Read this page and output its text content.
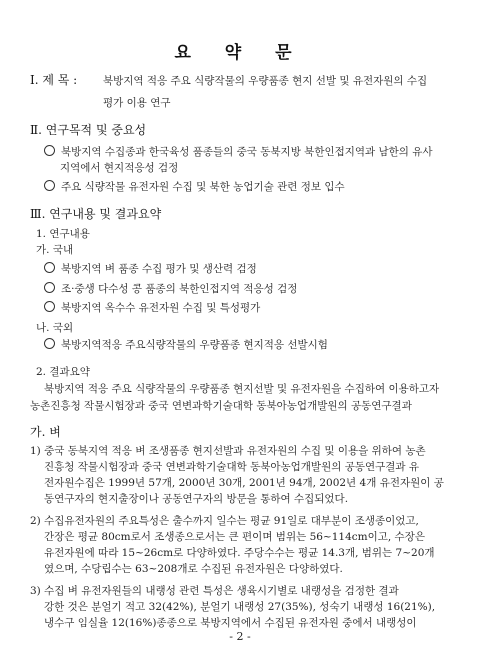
요 약 문
Ⅰ. 제 목 : 북방지역 적응 주요 식량작물의 우량품종 현지 선발 및 유전자원의 수집
평가 이용 연구
Ⅱ. 연구목적 및 중요성
북방지역 수집종과 한국육성 품종들의 중국 동북지방 북한인접지역과 남한의 유사
지역에서 현지적응성 검정
주요 식량작물 유전자원 수집 및 북한 농업기술 관련 정보 입수
Ⅲ. 연구내용 및 결과요약
1. 연구내용
가. 국내
북방지역 벼 품종 수집 평가 및 생산력 검정
조·중생 다수성 콩 품종의 북한인접지역 적응성 검정
북방지역 옥수수 유전자원 수집 및 특성평가
나. 국외
북방지역적응 주요식량작물의 우량품종 현지적응 선발시험
2. 결과요약
북방지역 적응 주요 식량작물의 우량품종 현지선발 및 유전자원을 수집하여 이용하고자
농촌진흥청 작물시험장과 중국 연변과학기술대학 동북아농업개발원의 공동연구결과
가. 벼
1) 중국 동북지역 적응 벼 조생품종 현지선발과 유전자원의 수집 및 이용을 위하여 농촌
진흥청 작물시험장과 중국 연변과학기술대학 동북아농업개발원의 공동연구결과 유
전자원수집은 1999년 57개, 2000년 30개, 2001년 94개, 2002년 4개 유전자원이 공
동연구자의 현지출장이나 공동연구자의 방문을 통하여 수집되었다.
2) 수집유전자원의 주요특성은 출수까지 일수는 평균 91일로 대부분이 조생종이었고,
간장은 평균 80cm로서 조생종으로서는 큰 편이며 범위는 56~114cm이고, 수장은
유전자원에 따라 15~26cm로 다양하였다. 주당수수는 평균 14.3개, 범위는 7~20개
였으며, 수당립수는 63~208개로 수집된 유전자원은 다양하였다.
3) 수집 벼 유전자원들의 내랭성 관련 특성은 생육시기별로 내랭성을 검정한 결과
강한 것은 분얼기 적고 32(42%), 분얼기 내랭성 27(35%), 성숙기 내랭성 16(21%),
냉수구 임실율 12(16%)종종으로 북방지역에서 수집된 유전자원 중에서 내랭성이
- 2 -
